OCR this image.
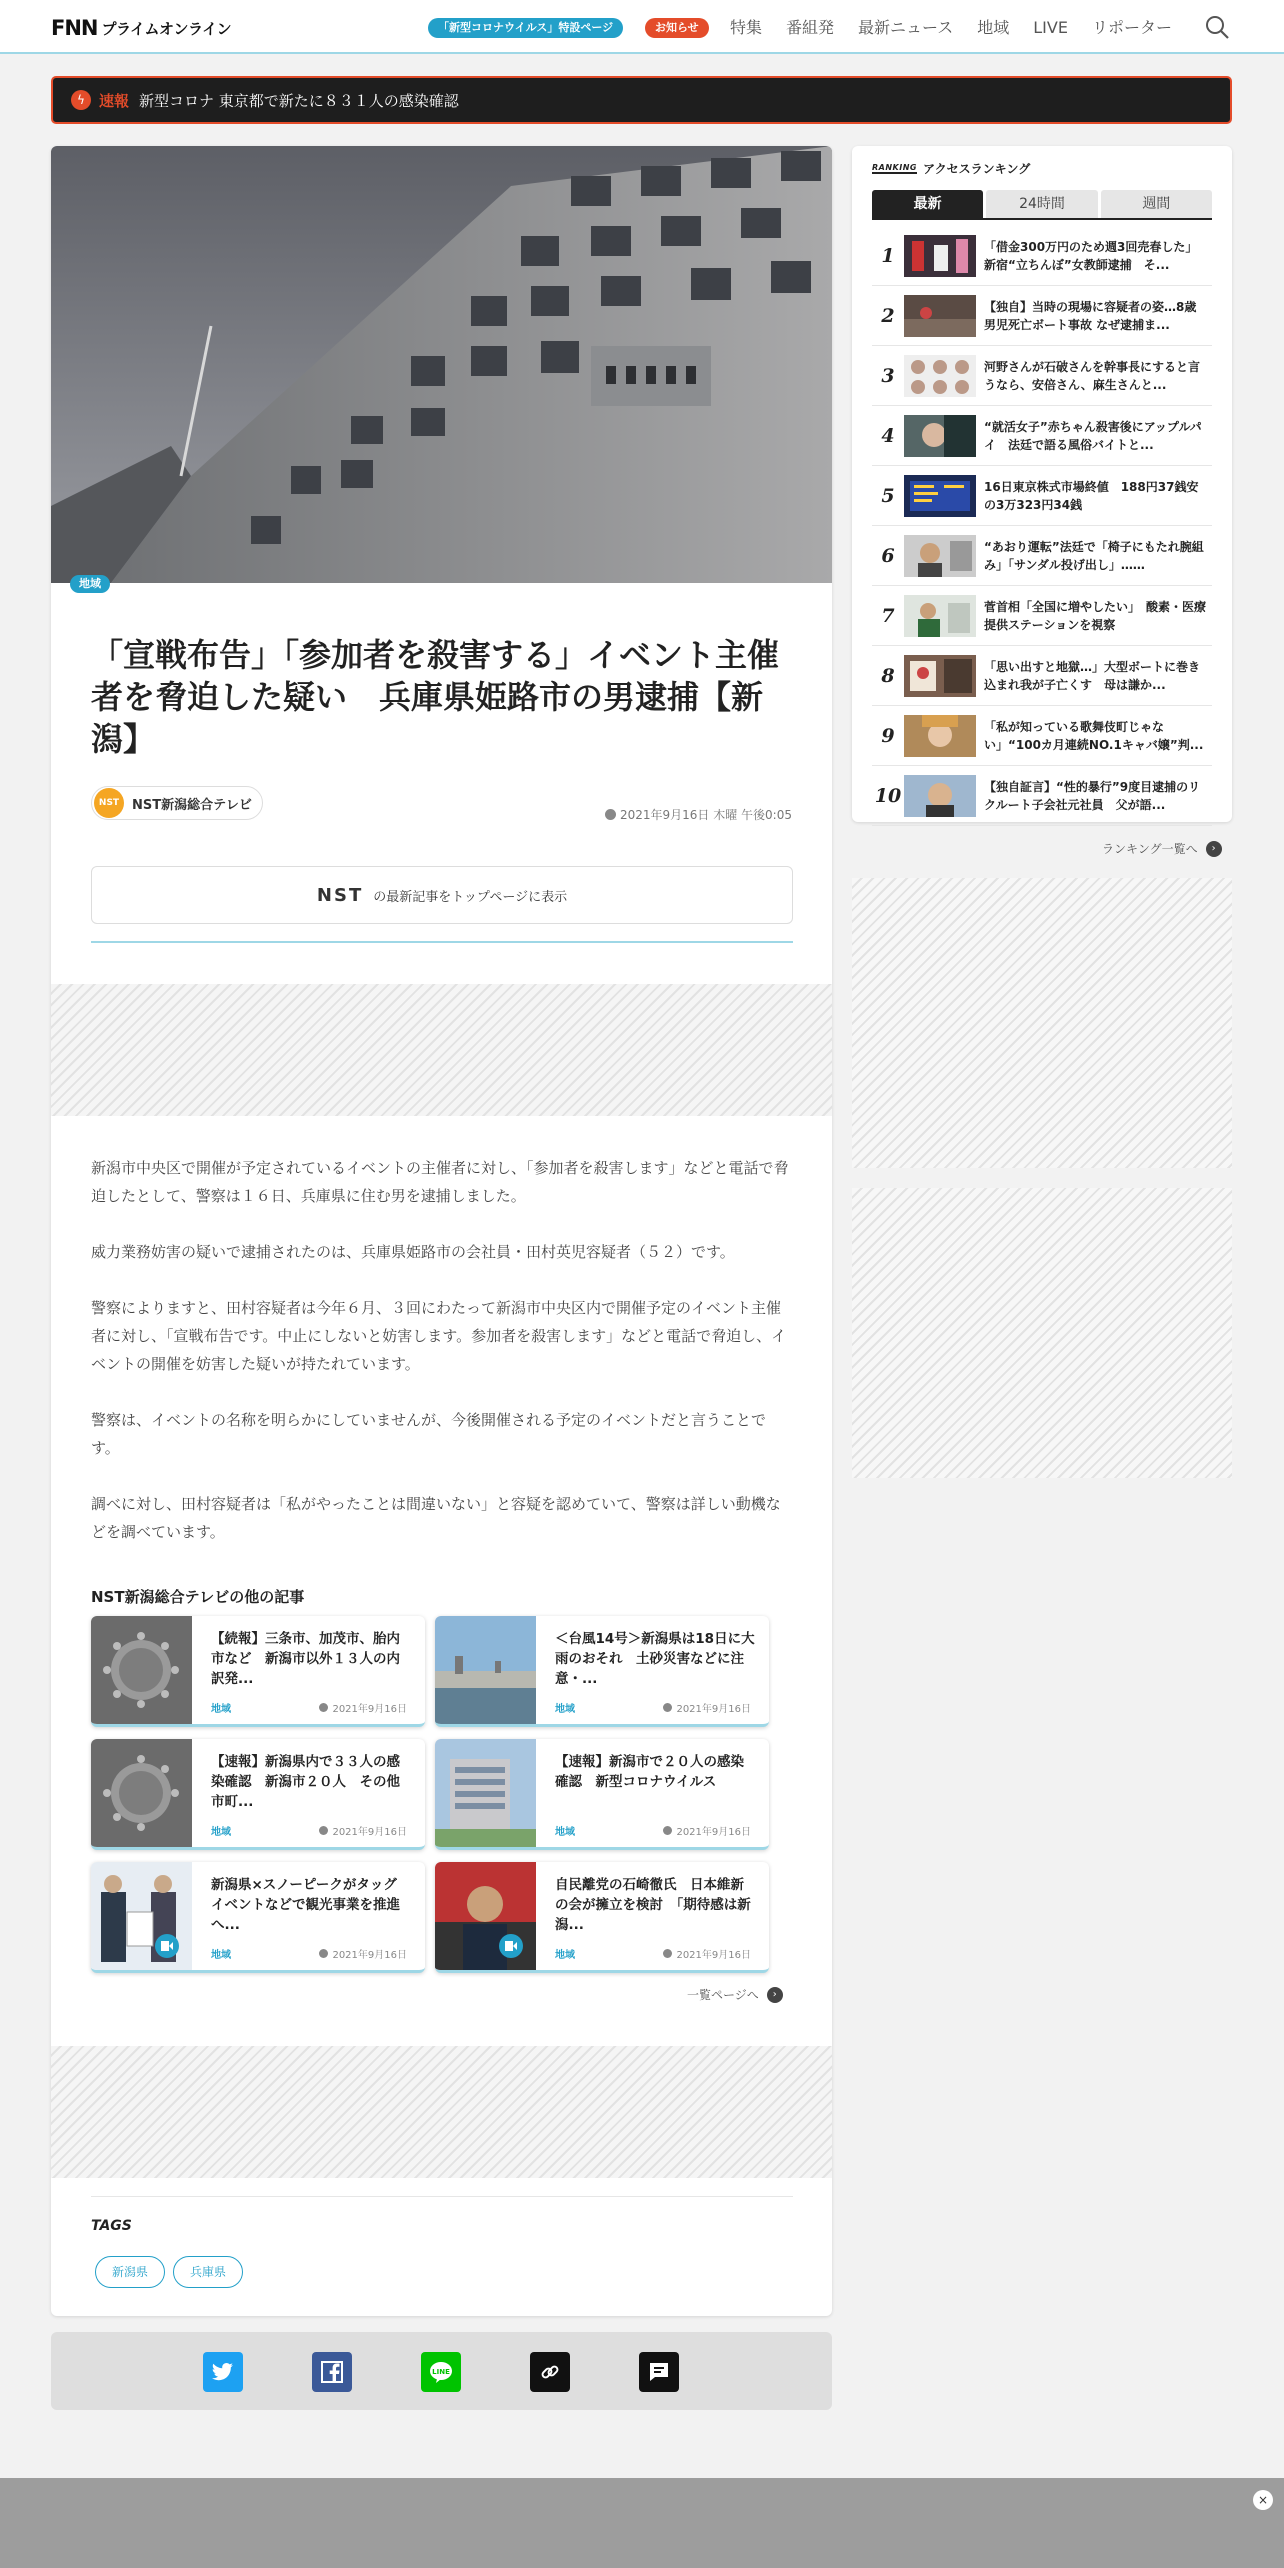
FNN プライムオンライン	「新型コロナウイルス」特設ページ	お知らせ	特集 番組発 最新ニュース 地域 LIVE リポーター
ϟ 速報 新型コロナ 東京都で新たに８３１人の感染確認
地域
「宣戦布告」「参加者を殺害する」イベント主催者を脅迫した疑い　兵庫県姫路市の男逮捕【新潟】
NST NST新潟総合テレビ
2021年9月16日 木曜 午後0:05
NST の最新記事をトップページに表示

新潟市中央区で開催が予定されているイベントの主催者に対し、「参加者を殺害します」などと電話で脅迫したとして、警察は１６日、兵庫県に住む男を逮捕しました。

威力業務妨害の疑いで逮捕されたのは、兵庫県姫路市の会社員・田村英児容疑者（５２）です。

警察によりますと、田村容疑者は今年６月、３回にわたって新潟市中央区内で開催予定のイベント主催者に対し、「宣戦布告です。中止にしないと妨害します。参加者を殺害します」などと電話で脅迫し、イベントの開催を妨害した疑いが持たれています。

警察は、イベントの名称を明らかにしていませんが、今後開催される予定のイベントだと言うことです。

調べに対し、田村容疑者は「私がやったことは間違いない」と容疑を認めていて、警察は詳しい動機などを調べています。

NST新潟総合テレビの他の記事
【続報】三条市、加茂市、胎内市など　新潟市以外１３人の内訳発...
地域	2021年9月16日
＜台風14号＞新潟県は18日に大雨のおそれ　土砂災害などに注意・...
地域	2021年9月16日
【速報】新潟県内で３３人の感染確認　新潟市２０人　その他市町...
地域	2021年9月16日
【速報】新潟市で２０人の感染確認　新型コロナウイルス
地域	2021年9月16日
新潟県×スノーピークがタッグ　イベントなどで観光事業を推進へ...
地域	2021年9月16日
自民離党の石崎徹氏　日本維新の会が擁立を検討　「期待感は新潟...
地域	2021年9月16日
一覧ページへ	›
TAGS
新潟県	兵庫県
LINE
RANKING アクセスランキング
最新	24時間	週間
1	「借金300万円のため週3回売春した」新宿“立ちんぼ”女教師逮捕　そ...
2	【独自】当時の現場に容疑者の姿…8歳男児死亡ボート事故 なぜ逮捕ま...
3	河野さんが石破さんを幹事長にすると言うなら、安倍さん、麻生さんと...
4	“就活女子”赤ちゃん殺害後にアップルパイ　法廷で語る風俗バイトと...
5	16日東京株式市場終値　188円37銭安の3万323円34銭
6	“あおり運転”法廷で「椅子にもたれ腕組み」「サンダル投げ出し」……
7	菅首相「全国に増やしたい」　酸素・医療提供ステーションを視察
8	「思い出すと地獄…」大型ボートに巻き込まれ我が子亡くす　母は謙か...
9	「私が知っている歌舞伎町じゃない」“100カ月連続NO.1キャバ嬢”判...
10	【独自証言】“性的暴行”9度目逮捕のリクルート子会社元社員　父が語...
ランキング一覧へ	›
×
